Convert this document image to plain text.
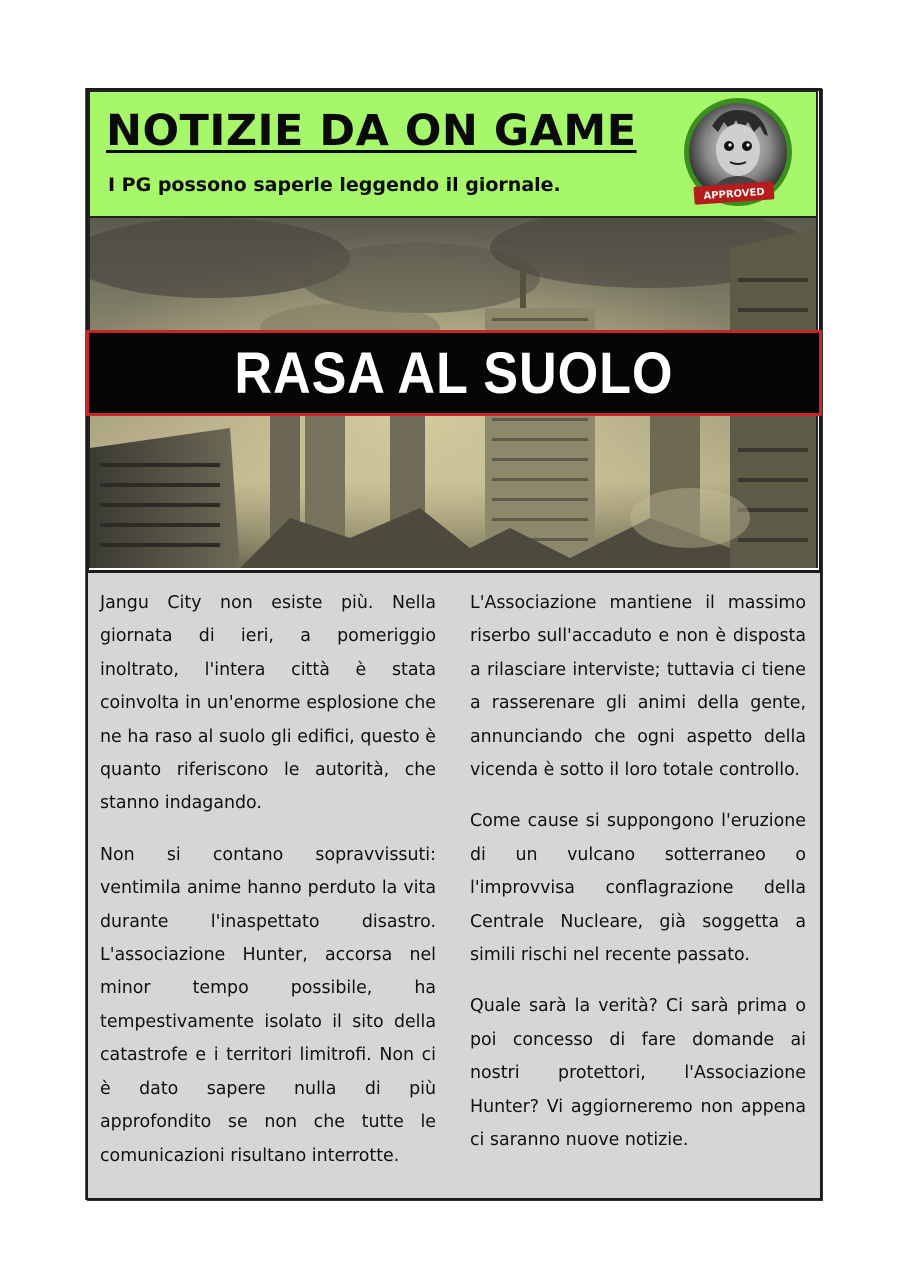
NOTIZIE DA ON GAME
I PG possono saperle leggendo il giornale.	APPROVED
RASA AL SUOLO

Jangu City non esiste più. Nella giornata di ieri, a pomeriggio inoltrato, l'intera città è stata coinvolta in un'enorme esplosione che ne ha raso al suolo gli edifici, questo è quanto riferiscono le autorità, che stanno indagando.

Non si contano sopravvissuti: ventimila anime hanno perduto la vita durante l'inaspettato disastro. L'associazione Hunter, accorsa nel minor tempo possibile, ha tempestivamente isolato il sito della catastrofe e i territori limitrofi. Non ci è dato sapere nulla di più approfondito se non che tutte le comunicazioni risultano interrotte.

L'Associazione mantiene il massimo riserbo sull'accaduto e non è disposta a rilasciare interviste; tuttavia ci tiene a rasserenare gli animi della gente, annunciando che ogni aspetto della vicenda è sotto il loro totale controllo.

Come cause si suppongono l'eruzione di un vulcano sotterraneo o l'improvvisa conflagrazione della Centrale Nucleare, già soggetta a simili rischi nel recente passato.

Quale sarà la verità? Ci sarà prima o poi concesso di fare domande ai nostri protettori, l'Associazione Hunter? Vi aggiorneremo non appena ci saranno nuove notizie.
